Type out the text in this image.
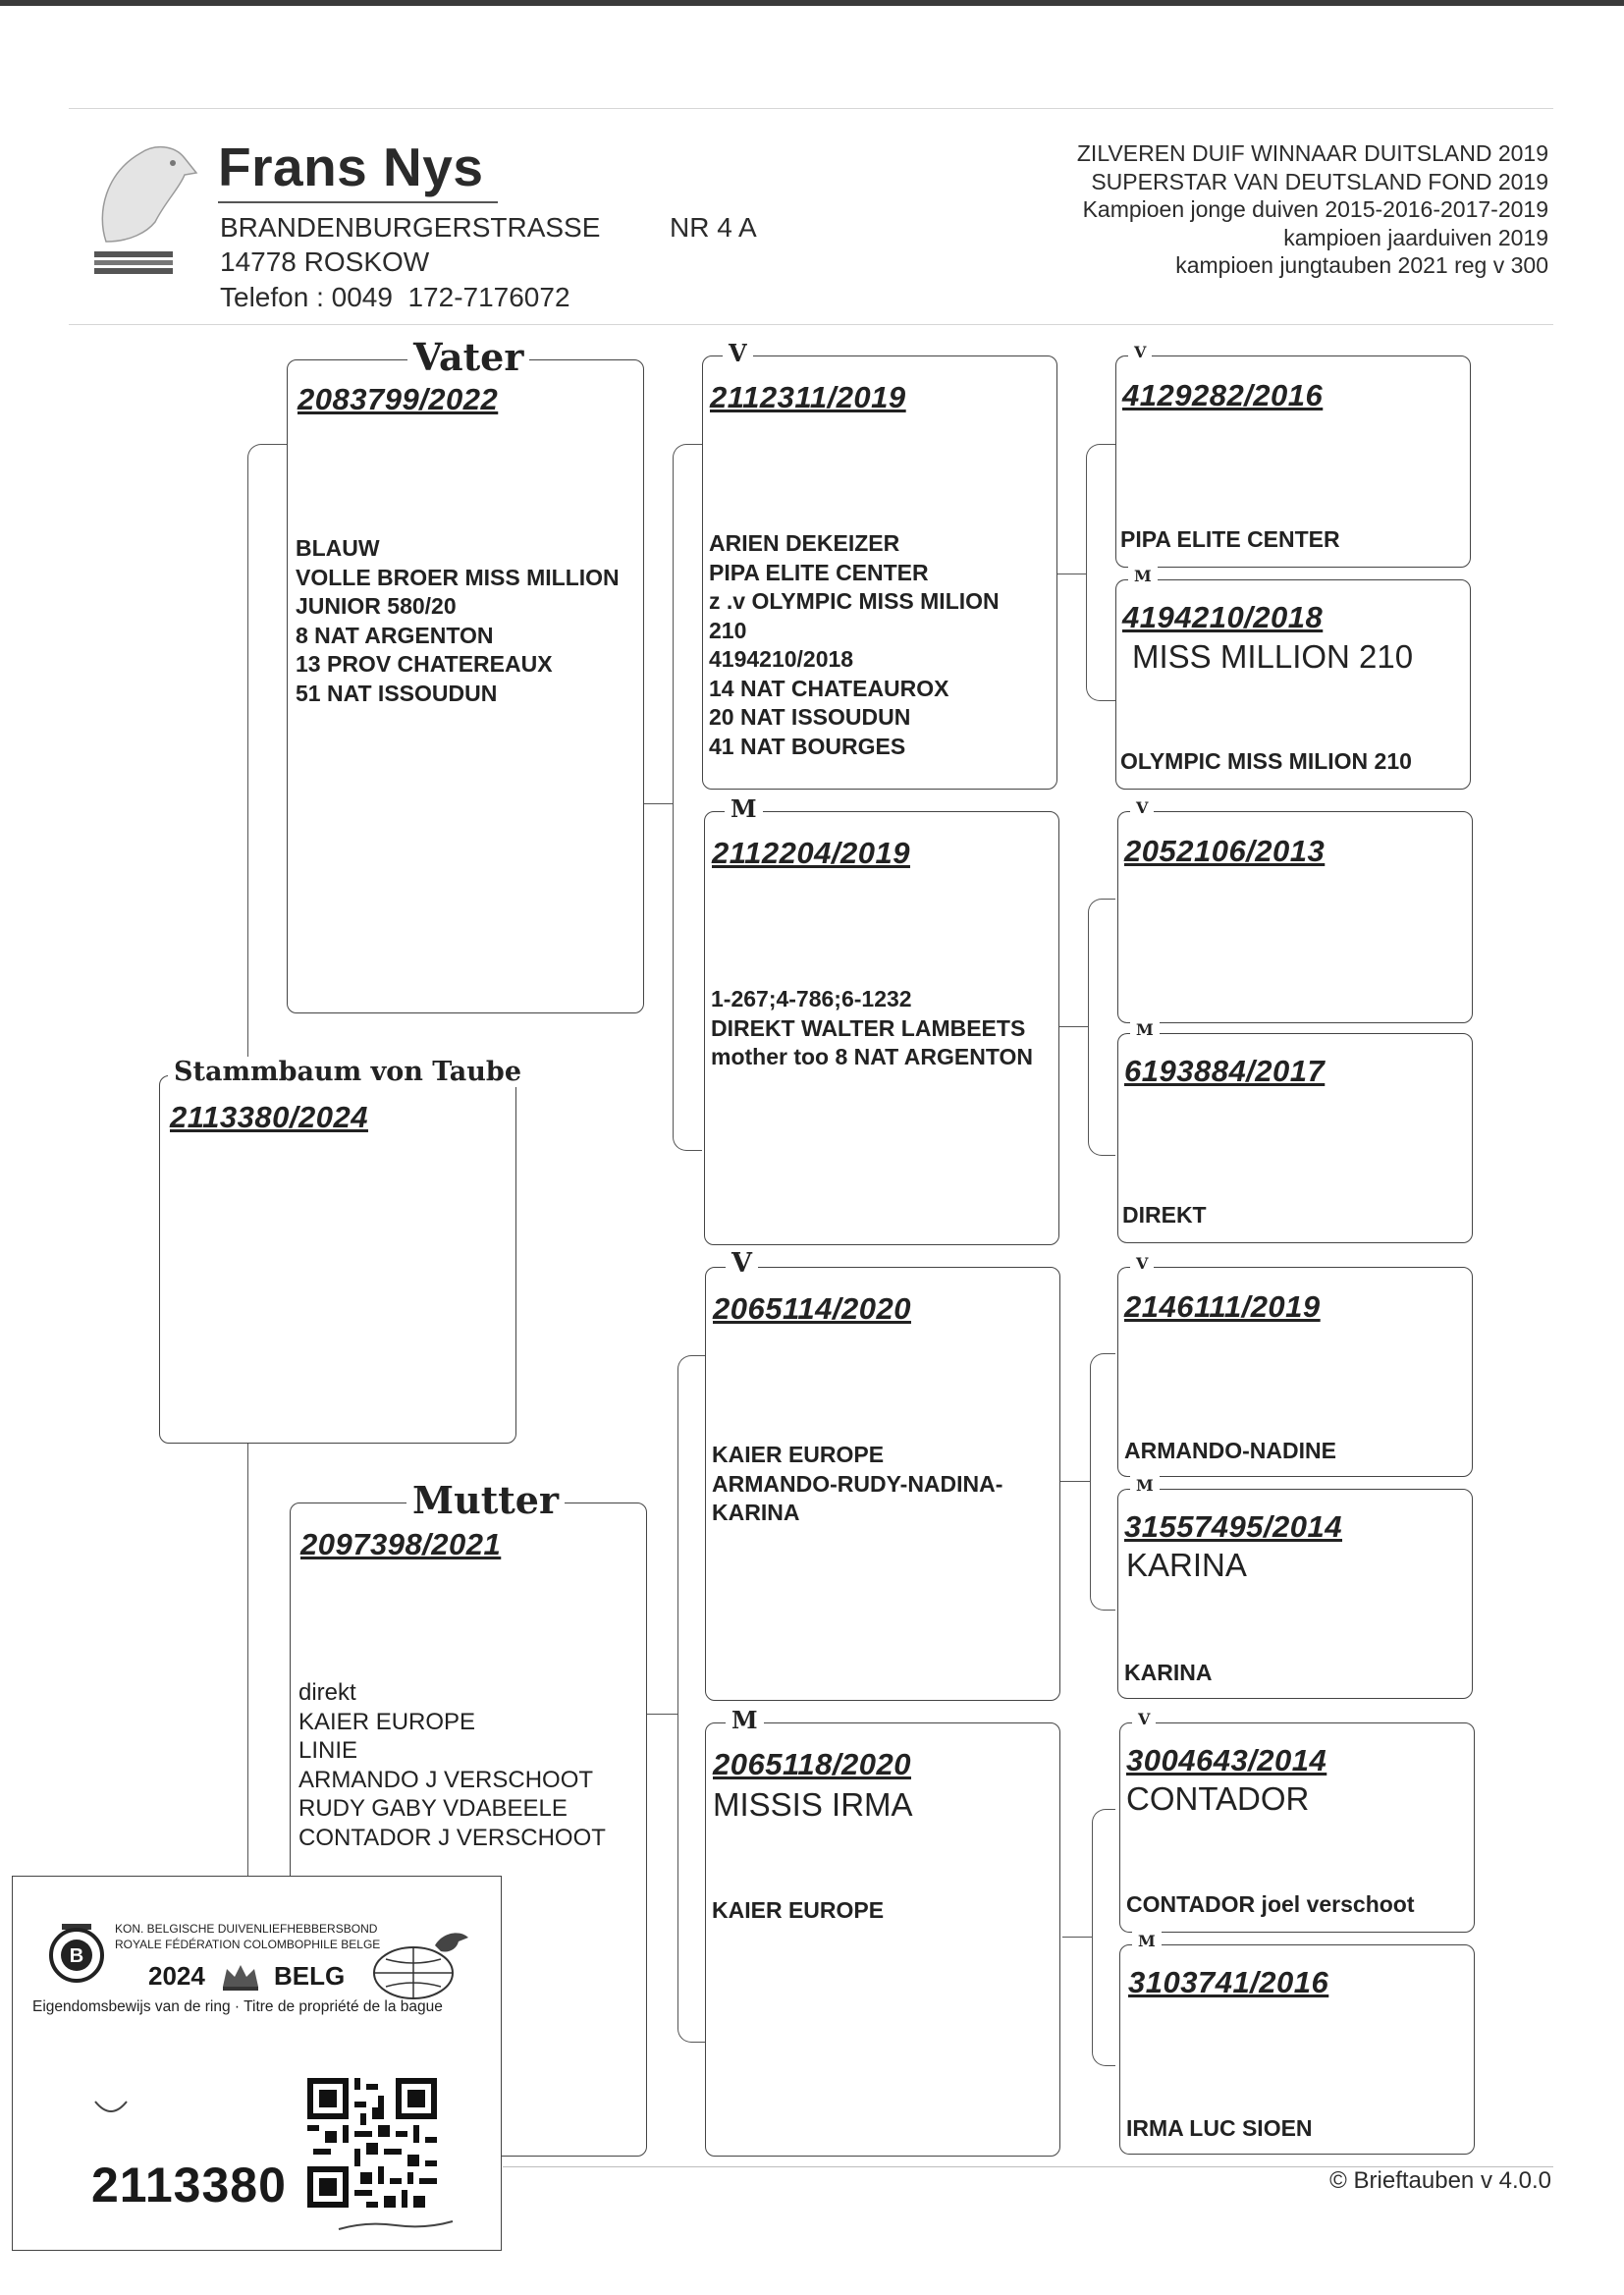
Frans Nys
BRANDENBURGERSTRASSE	NR 4 A
14778 ROSKOW
Telefon : 0049  172-7176072
ZILVEREN DUIF WINNAAR DUITSLAND 2019
SUPERSTAR VAN DEUTSLAND FOND 2019
Kampioen jonge duiven 2015-2016-2017-2019
kampioen jaarduiven 2019
kampioen jungtauben 2021 reg v 300
Stammbaum von Taube
2113380/2024
Vater
2083799/2022
BLAUW
VOLLE BROER MISS MILLION
JUNIOR 580/20
8 NAT ARGENTON
13 PROV CHATEREAUX
51 NAT ISSOUDUN
Mutter
2097398/2021
direkt
KAIER EUROPE
LINIE
ARMANDO J VERSCHOOT
RUDY GABY VDABEELE
CONTADOR J VERSCHOOT
V
2112311/2019
ARIEN DEKEIZER
PIPA ELITE CENTER
z .v OLYMPIC MISS MILION
210
4194210/2018
14 NAT CHATEAUROX
20 NAT ISSOUDUN
41 NAT BOURGES
M
2112204/2019
1-267;4-786;6-1232
DIREKT WALTER LAMBEETS
mother too 8 NAT ARGENTON
V
2065114/2020
KAIER EUROPE
ARMANDO-RUDY-NADINA-
KARINA
M
2065118/2020
MISSIS IRMA
KAIER EUROPE
V
4129282/2016
PIPA ELITE CENTER
M
4194210/2018
MISS MILLION 210
OLYMPIC MISS MILION 210
V
2052106/2013
M
6193884/2017
DIREKT
V
2146111/2019
ARMANDO-NADINE
M
31557495/2014
KARINA
KARINA
V
3004643/2014
CONTADOR
CONTADOR joel verschoot
M
3103741/2016
IRMA LUC SIOEN
© Brieftauben v 4.0.0
B
KON. BELGISCHE DUIVENLIEFHEBBERSBOND
ROYALE FÉDÉRATION COLOMBOPHILE BELGE
2024	BELG
Eigendomsbewijs van de ring · Titre de propriété de la bague
2113380
